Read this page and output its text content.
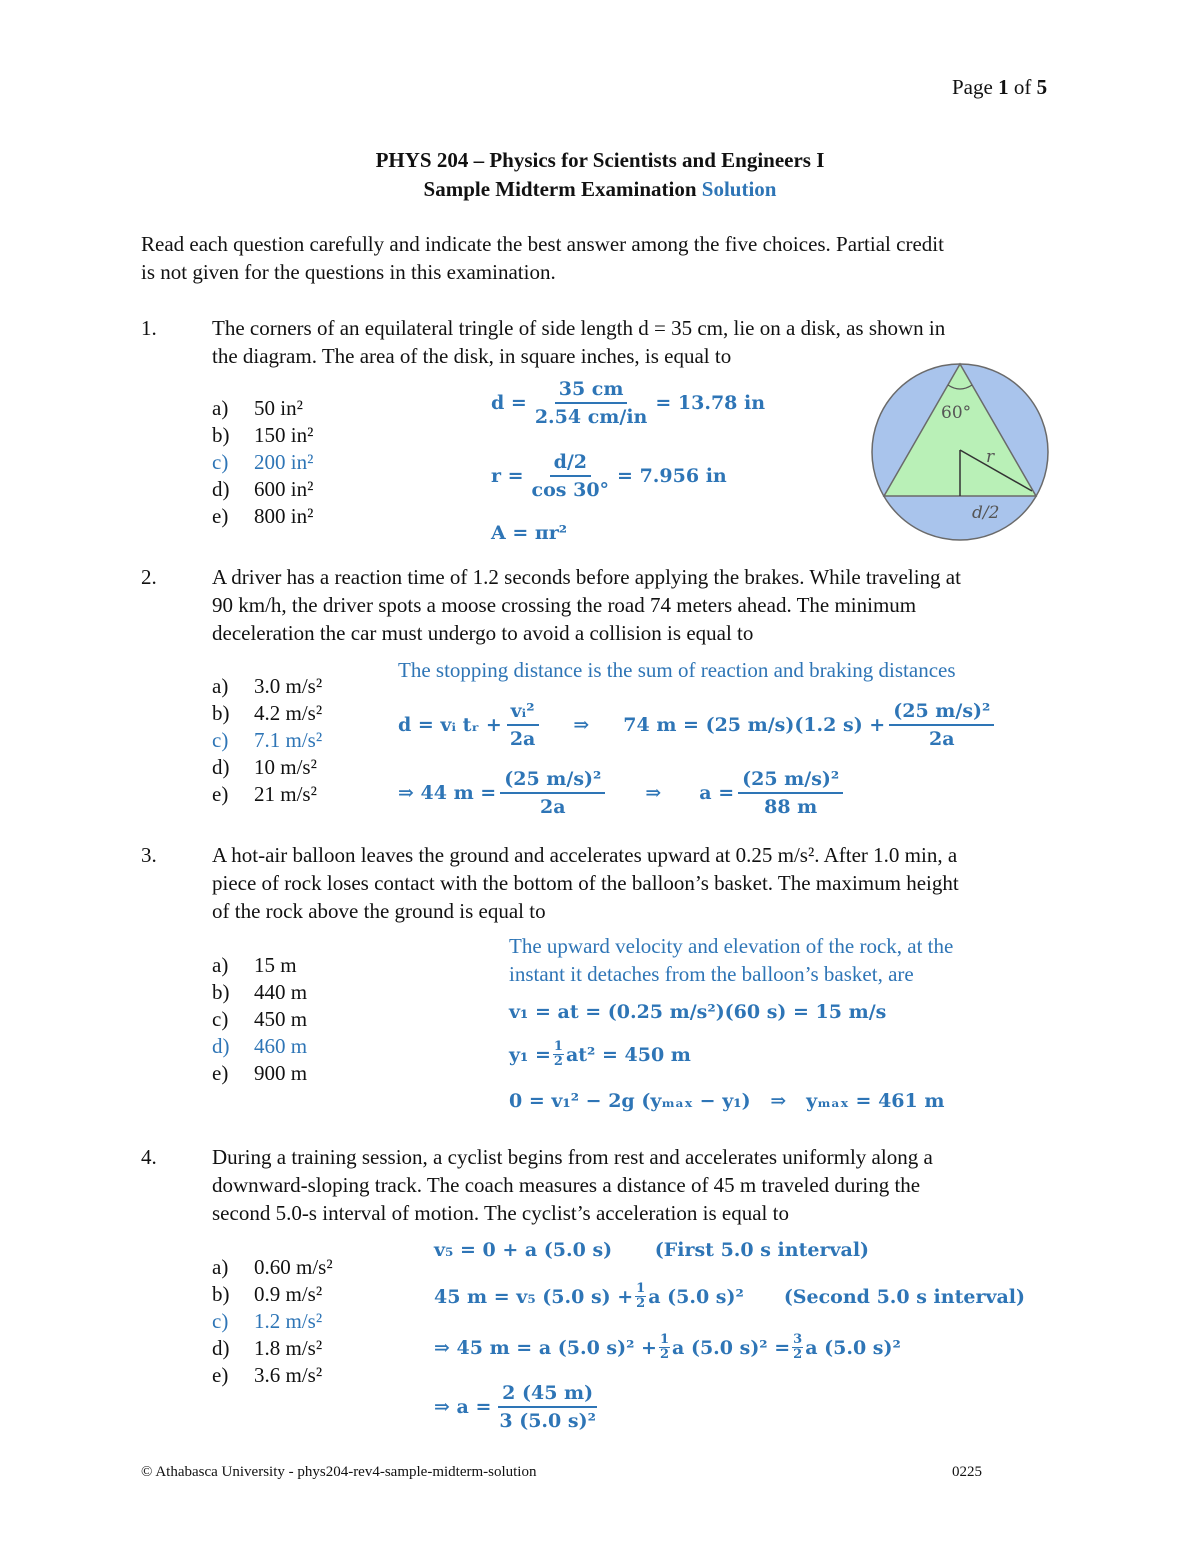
Page 1 of 5
PHYS 204 – Physics for Scientists and Engineers I
Sample Midterm Examination Solution
Read each question carefully and indicate the best answer among the five choices. Partial credit
is not given for the questions in this examination.
1.	The corners of an equilateral tringle of side length d = 35 cm, lie on a disk, as shown in
the diagram. The area of the disk, in square inches, is equal to
a) 50 in²
b) 150 in²
c) 200 in²
d) 600 in²
e) 800 in²
$d = \frac{35 cm}{2.54 cm/in} = 13.78$ in
$r = \frac{d/2}{\cos 30^\circ} = 7.956$ in
A = πr²
60°
r
d/2
2.	A driver has a reaction time of 1.2 seconds before applying the brakes. While traveling at
90 km/h, the driver spots a moose crossing the road 74 meters ahead. The minimum
deceleration the car must undergo to avoid a collision is equal to
a) 3.0 m/s²
b) 4.2 m/s²
c) 7.1 m/s²
d) 10 m/s²
e) 21 m/s²
The stopping distance is the sum of reaction and braking distances
d = vᵢ tᵣ + $\frac{\text{vᵢ²}}{2a}$ ⇒ 74 m = (25 m/s)(1.2 $s) + \frac{\text{(25 m/s)²}}{2a}$
⇒ 44 $m = \frac{\text{(25 m/s)²}}{2a}$ ⇒ $a = \frac{\text{(25 m/s)²}}{88 m}$
3.	A hot-air balloon leaves the ground and accelerates upward at 0.25 m/s². After 1.0 min, a
piece of rock loses contact with the bottom of the balloon’s basket. The maximum height
of the rock above the ground is equal to
a) 15 m
b) 440 m
c) 450 m
d) 460 m
e) 900 m
The upward velocity and elevation of the rock, at the
instant it detaches from the balloon’s basket, are
v₁ = at = (0.25 m/s²)(60 s) = 15 m/s
$y_1 = \frac{1}{2} at^2 = 450$ m
0 = v₁² − 2g (yₘₐₓ − y₁)   ⇒   yₘₐₓ = 461 m
4.	During a training session, a cyclist begins from rest and accelerates uniformly along a
downward-sloping track. The coach measures a distance of 45 m traveled during the
second 5.0-s interval of motion. The cyclist’s acceleration is equal to
a) 0.60 m/s²
b) 0.9 m/s²
c) 1.2 m/s²
d) 1.8 m/s²
e) 3.6 m/s²
v₅ = 0 + a (5.0 s) (First 5.0 s interval)
45 m = v₅ (5.0 $s) + \frac{1}{2}$ a (5.0 s)² (Second 5.0 s interval)
⇒ 45 m = a (5.0 $s)^2 + \frac{1}{2}$ a (5.0 $s)^2 = \frac{3}{2}$ a (5.0 s)²
⇒ $a = \frac{2 (45 m)}{\text{3 (5.0 s)²}}$
© Athabasca University - phys204-rev4-sample-midterm-solution	0225
